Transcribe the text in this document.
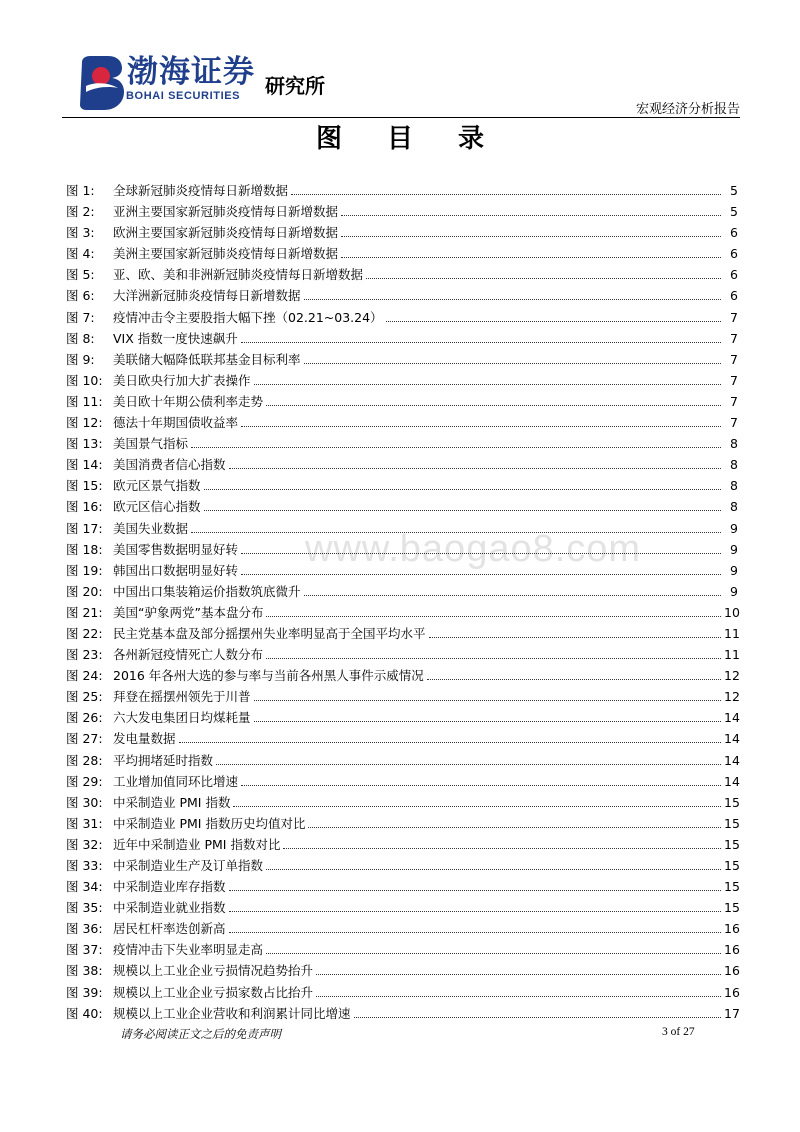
渤海证券
BOHAI SECURITIES 研究所
宏观经济分析报告
图 目 录
www.baogao8.com
图 1:	全球新冠肺炎疫情每日新增数据	5
图 2:	亚洲主要国家新冠肺炎疫情每日新增数据	5
图 3:	欧洲主要国家新冠肺炎疫情每日新增数据	6
图 4:	美洲主要国家新冠肺炎疫情每日新增数据	6
图 5:	亚、欧、美和非洲新冠肺炎疫情每日新增数据	6
图 6:	大洋洲新冠肺炎疫情每日新增数据	6
图 7:	疫情冲击令主要股指大幅下挫（02.21~03.24）	7
图 8:	VIX 指数一度快速飙升	7
图 9:	美联储大幅降低联邦基金目标利率	7
图 10: 美日欧央行加大扩表操作	7
图 11: 美日欧十年期公债利率走势	7
图 12: 德法十年期国债收益率	7
图 13: 美国景气指标	8
图 14: 美国消费者信心指数	8
图 15: 欧元区景气指数	8
图 16: 欧元区信心指数	8
图 17: 美国失业数据	9
图 18: 美国零售数据明显好转	9
图 19: 韩国出口数据明显好转	9
图 20: 中国出口集装箱运价指数筑底微升	9
图 21: 美国“驴象两党”基本盘分布	10
图 22: 民主党基本盘及部分摇摆州失业率明显高于全国平均水平	11
图 23: 各州新冠疫情死亡人数分布	11
图 24: 2016 年各州大选的参与率与当前各州黑人事件示威情况	12
图 25: 拜登在摇摆州领先于川普	12
图 26: 六大发电集团日均煤耗量	14
图 27: 发电量数据	14
图 28: 平均拥堵延时指数	14
图 29: 工业增加值同环比增速	14
图 30: 中采制造业 PMI 指数	15
图 31: 中采制造业 PMI 指数历史均值对比	15
图 32: 近年中采制造业 PMI 指数对比	15
图 33: 中采制造业生产及订单指数	15
图 34: 中采制造业库存指数	15
图 35: 中采制造业就业指数	15
图 36: 居民杠杆率迭创新高	16
图 37: 疫情冲击下失业率明显走高	16
图 38: 规模以上工业企业亏损情况趋势抬升	16
图 39: 规模以上工业企业亏损家数占比抬升	16
图 40: 规模以上工业企业营收和利润累计同比增速	17
请务必阅读正文之后的免责声明	3 of 27
